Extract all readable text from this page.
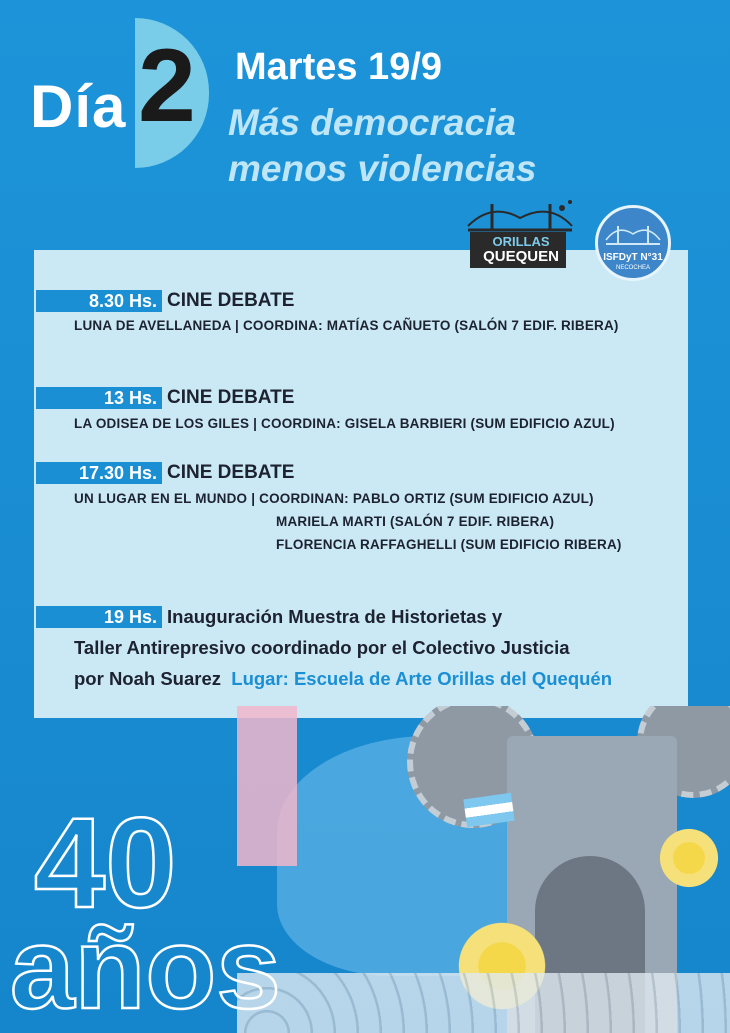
Día 2 Martes 19/9
Más democracia
menos violencias
ORILLAS
QUEQUEN	ISFDyT N°31
NECOCHEA
8.30 Hs. CINE DEBATE
LUNA DE AVELLANEDA | COORDINA: MATÍAS CAÑUETO (SALÓN 7 EDIF. RIBERA)
13 Hs. CINE DEBATE
LA ODISEA DE LOS GILES | COORDINA: GISELA BARBIERI (SUM EDIFICIO AZUL)
17.30 Hs. CINE DEBATE
UN LUGAR EN EL MUNDO | COORDINAN: PABLO ORTIZ (SUM EDIFICIO AZUL)
MARIELA MARTI (SALÓN 7 EDIF. RIBERA)
FLORENCIA RAFFAGHELLI (SUM EDIFICIO RIBERA)
19 Hs. Inauguración Muestra de Historietas y
Taller Antirepresivo coordinado por el Colectivo Justicia
por Noah Suarez Lugar: Escuela de Arte Orillas del Quequén
40
años
